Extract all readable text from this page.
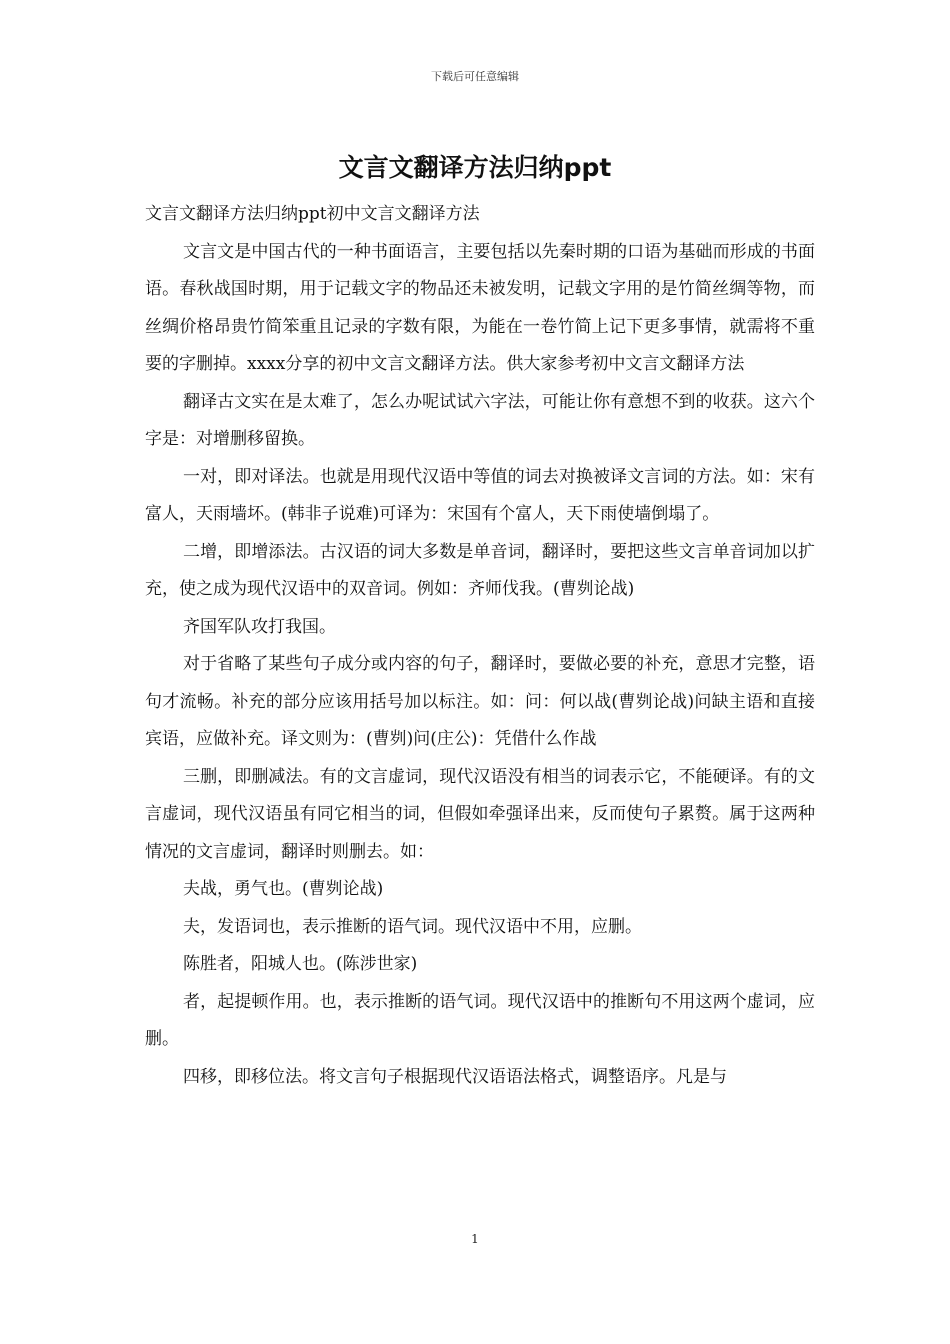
下载后可任意编辑
文言文翻译方法归纳ppt

文言文翻译方法归纳ppt初中文言文翻译方法

文言文是中国古代的一种书面语言，主要包括以先秦时期的口语为基础而形成的书面语。春秋战国时期，用于记载文字的物品还未被发明，记载文字用的是竹简丝绸等物，而丝绸价格昂贵竹简笨重且记录的字数有限，为能在一卷竹简上记下更多事情，就需将不重要的字删掉。xxxx分享的初中文言文翻译方法。供大家参考初中文言文翻译方法

翻译古文实在是太难了，怎么办呢试试六字法，可能让你有意想不到的收获。这六个字是：对增删移留换。

一对，即对译法。也就是用现代汉语中等值的词去对换被译文言词的方法。如：宋有富人，天雨墙坏。(韩非子说难)可译为：宋国有个富人，天下雨使墙倒塌了。

二增，即增添法。古汉语的词大多数是单音词，翻译时，要把这些文言单音词加以扩充，使之成为现代汉语中的双音词。例如：齐师伐我。(曹刿论战)

齐国军队攻打我国。

对于省略了某些句子成分或内容的句子，翻译时，要做必要的补充，意思才完整，语句才流畅。补充的部分应该用括号加以标注。如：问：何以战(曹刿论战)问缺主语和直接宾语，应做补充。译文则为：(曹刿)问(庄公)：凭借什么作战

三删，即删减法。有的文言虚词，现代汉语没有相当的词表示它，不能硬译。有的文言虚词，现代汉语虽有同它相当的词，但假如牵强译出来，反而使句子累赘。属于这两种情况的文言虚词，翻译时则删去。如：

夫战，勇气也。(曹刿论战)

夫，发语词也，表示推断的语气词。现代汉语中不用，应删。

陈胜者，阳城人也。(陈涉世家)

者，起提顿作用。也，表示推断的语气词。现代汉语中的推断句不用这两个虚词，应删。

四移，即移位法。将文言句子根据现代汉语语法格式，调整语序。凡是与

1
